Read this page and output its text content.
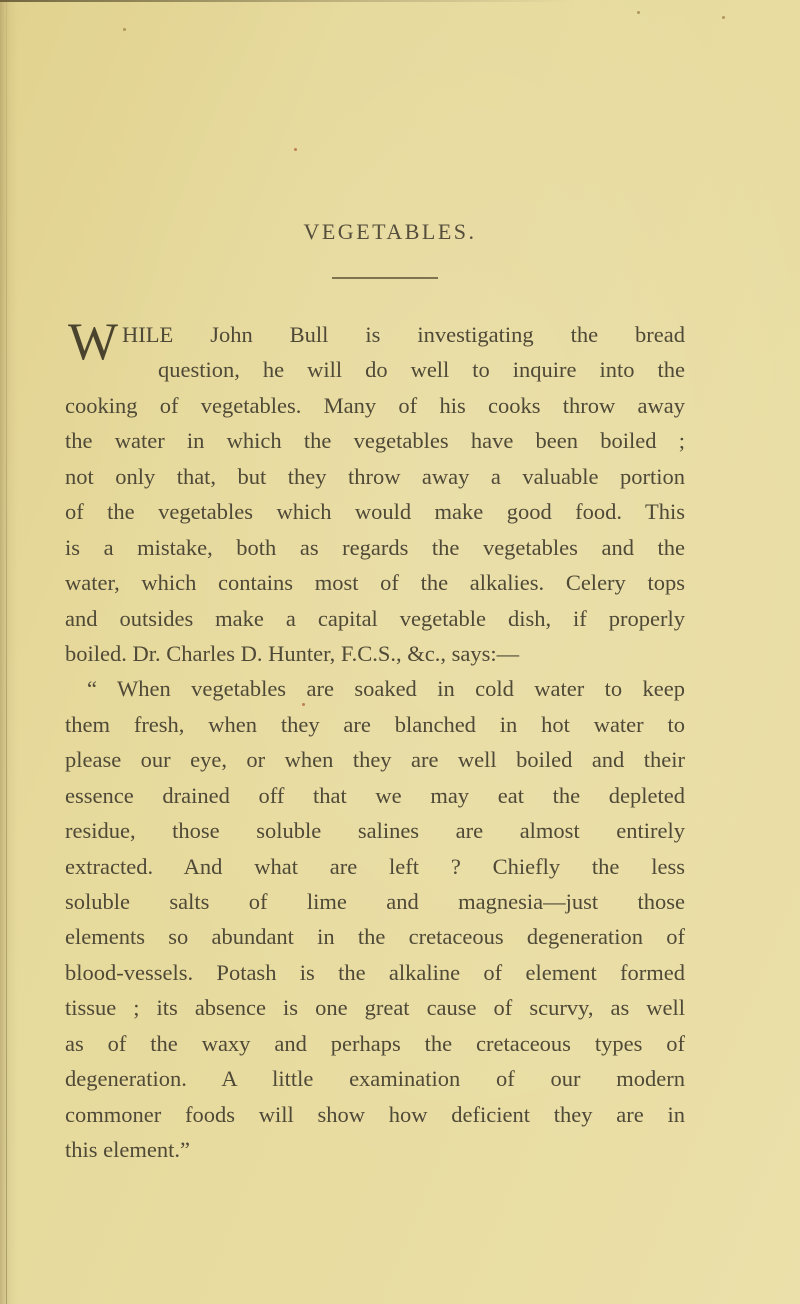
VEGETABLES.
W HILE John Bull is investigating the bread
question, he will do well to inquire into the
cooking of vegetables. Many of his cooks throw away
the water in which the vegetables have been boiled ;
not only that, but they throw away a valuable portion
of the vegetables which would make good food. This
is a mistake, both as regards the vegetables and the
water, which contains most of the alkalies. Celery tops
and outsides make a capital vegetable dish, if properly
boiled. Dr. Charles D. Hunter, F.C.S., &c., says:—
“ When vegetables are soaked in cold water to keep
them fresh, when they are blanched in hot water to
please our eye, or when they are well boiled and their
essence drained off that we may eat the depleted
residue, those soluble salines are almost entirely
extracted. And what are left ? Chiefly the less
soluble salts of lime and magnesia—just those
elements so abundant in the cretaceous degeneration of
blood-vessels. Potash is the alkaline of element formed
tissue ; its absence is one great cause of scurvy, as well
as of the waxy and perhaps the cretaceous types of
degeneration. A little examination of our modern
commoner foods will show how deficient they are in
this element.”
